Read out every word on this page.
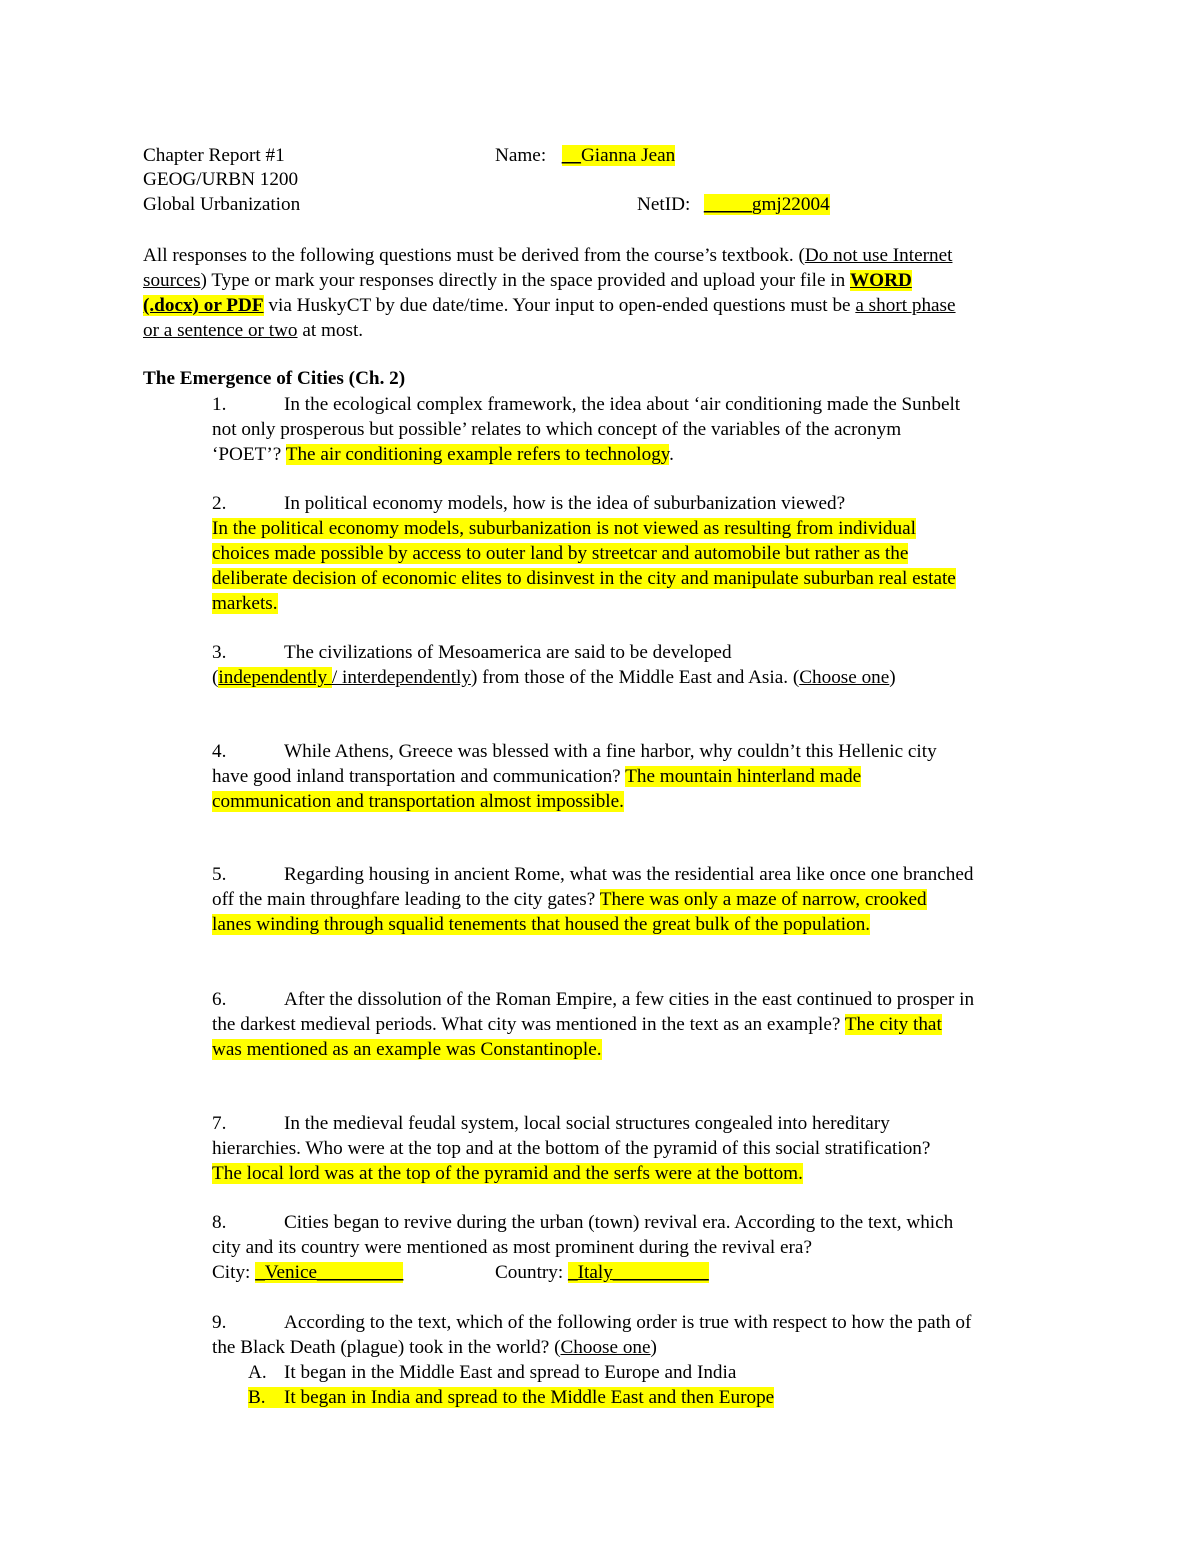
Chapter Report #1
GEOG/URBN 1200
Global Urbanization
Name: __Gianna Jean
NetID: _____gmj22004
All responses to the following questions must be derived from the course’s textbook. (Do not use Internet
sources) Type or mark your responses directly in the space provided and upload your file in WORD
(.docx) or PDF via HuskyCT by due date/time. Your input to open-ended questions must be a short phase
or a sentence or two at most.
The Emergence of Cities (Ch. 2)
1.	In the ecological complex framework, the idea about ‘air conditioning made the Sunbelt
not only prosperous but possible’ relates to which concept of the variables of the acronym
‘POET’? The air conditioning example refers to technology.
2.	In political economy models, how is the idea of suburbanization viewed?
In the political economy models, suburbanization is not viewed as resulting from individual
choices made possible by access to outer land by streetcar and automobile but rather as the
deliberate decision of economic elites to disinvest in the city and manipulate suburban real estate
markets.
3.	The civilizations of Mesoamerica are said to be developed
(independently / interdependently) from those of the Middle East and Asia. (Choose one)
4.	While Athens, Greece was blessed with a fine harbor, why couldn’t this Hellenic city
have good inland transportation and communication? The mountain hinterland made
communication and transportation almost impossible.
5.	Regarding housing in ancient Rome, what was the residential area like once one branched
off the main throughfare leading to the city gates? There was only a maze of narrow, crooked
lanes winding through squalid tenements that housed the great bulk of the population.
6.	After the dissolution of the Roman Empire, a few cities in the east continued to prosper in
the darkest medieval periods. What city was mentioned in the text as an example? The city that
was mentioned as an example was Constantinople.
7.	In the medieval feudal system, local social structures congealed into hereditary
hierarchies. Who were at the top and at the bottom of the pyramid of this social stratification?
The local lord was at the top of the pyramid and the serfs were at the bottom.
8.	Cities began to revive during the urban (town) revival era. According to the text, which
city and its country were mentioned as most prominent during the revival era?
City: _Venice_________	Country: _Italy__________
9.	According to the text, which of the following order is true with respect to how the path of
the Black Death (plague) took in the world? (Choose one)
A. It began in the Middle East and spread to Europe and India
B. It began in India and spread to the Middle East and then Europe
